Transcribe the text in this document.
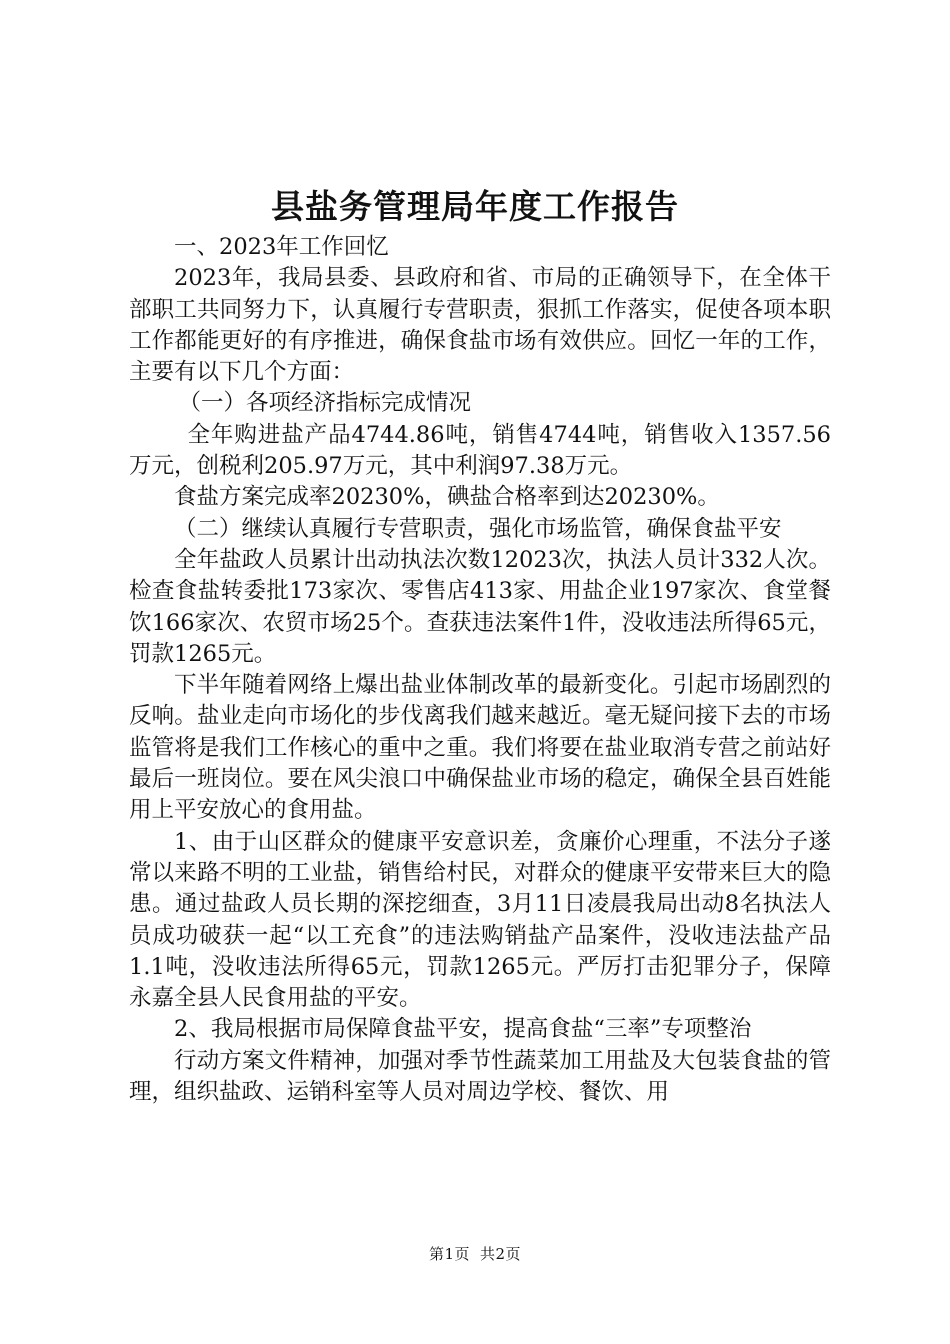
县盐务管理局年度工作报告

一、2023年工作回忆

2023年，我局县委、县政府和省、市局的正确领导下，在全体干部职工共同努力下，认真履行专营职责，狠抓工作落实，促使各项本职工作都能更好的有序推进，确保食盐市场有效供应。回忆一年的工作，主要有以下几个方面：

（一）各项经济指标完成情况

全年购进盐产品4744.86吨，销售4744吨，销售收入1357.56万元，创税利205.97万元，其中利润97.38万元。

食盐方案完成率20230%，碘盐合格率到达20230%。

（二）继续认真履行专营职责，强化市场监管，确保食盐平安

全年盐政人员累计出动执法次数12023次，执法人员计332人次。检查食盐转委批173家次、零售店413家、用盐企业197家次、食堂餐饮166家次、农贸市场25个。查获违法案件1件，没收违法所得65元，罚款1265元。

下半年随着网络上爆出盐业体制改革的最新变化。引起市场剧烈的反响。盐业走向市场化的步伐离我们越来越近。毫无疑问接下去的市场监管将是我们工作核心的重中之重。我们将要在盐业取消专营之前站好最后一班岗位。要在风尖浪口中确保盐业市场的稳定，确保全县百姓能用上平安放心的食用盐。

1、由于山区群众的健康平安意识差，贪廉价心理重，不法分子遂常以来路不明的工业盐，销售给村民，对群众的健康平安带来巨大的隐患。通过盐政人员长期的深挖细查，3月11日凌晨我局出动8名执法人员成功破获一起“以工充食”的违法购销盐产品案件，没收违法盐产品1.1吨，没收违法所得65元，罚款1265元。严厉打击犯罪分子，保障永嘉全县人民食用盐的平安。

2、我局根据市局保障食盐平安，提高食盐“三率”专项整治

行动方案文件精神，加强对季节性蔬菜加工用盐及大包装食盐的管理，组织盐政、运销科室等人员对周边学校、餐饮、用

第1页 共2页
